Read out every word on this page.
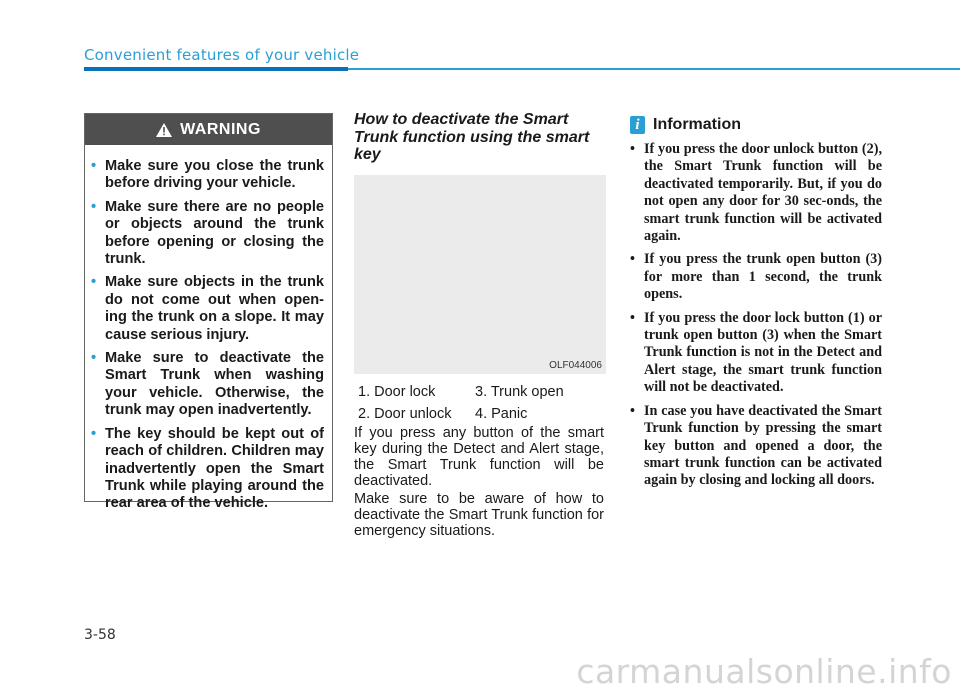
Convenient features of your vehicle
WARNING
• Make sure you close the trunk before driving your vehicle.
• Make sure there are no people or objects around the trunk before opening or closing the trunk.
• Make sure objects in the trunk do not come out when open-ing the trunk on a slope. It may cause serious injury.
• Make sure to deactivate the Smart Trunk when washing your vehicle. Otherwise, the trunk may open inadvertently.
• The key should be kept out of reach of children. Children may inadvertently open the Smart Trunk while playing around the rear area of the vehicle.
How to deactivate the Smart Trunk function using the smart key
OLF044006
1. Door lock	3. Trunk open
2. Door unlock	4. Panic

If you press any button of the smart key during the Detect and Alert stage, the Smart Trunk function will be deactivated.

Make sure to be aware of how to deactivate the Smart Trunk function for emergency situations.

i Information
• If you press the door unlock button (2), the Smart Trunk function will be deactivated temporarily. But, if you do not open any door for 30 sec-onds, the smart trunk function will be activated again.
• If you press the trunk open button (3) for more than 1 second, the trunk opens.
• If you press the door lock button (1) or trunk open button (3) when the Smart Trunk function is not in the Detect and Alert stage, the smart trunk function will not be deactivated.
• In case you have deactivated the Smart Trunk function by pressing the smart key button and opened a door, the smart trunk function can be activated again by closing and locking all doors.
3-58
carmanualsonline.info
